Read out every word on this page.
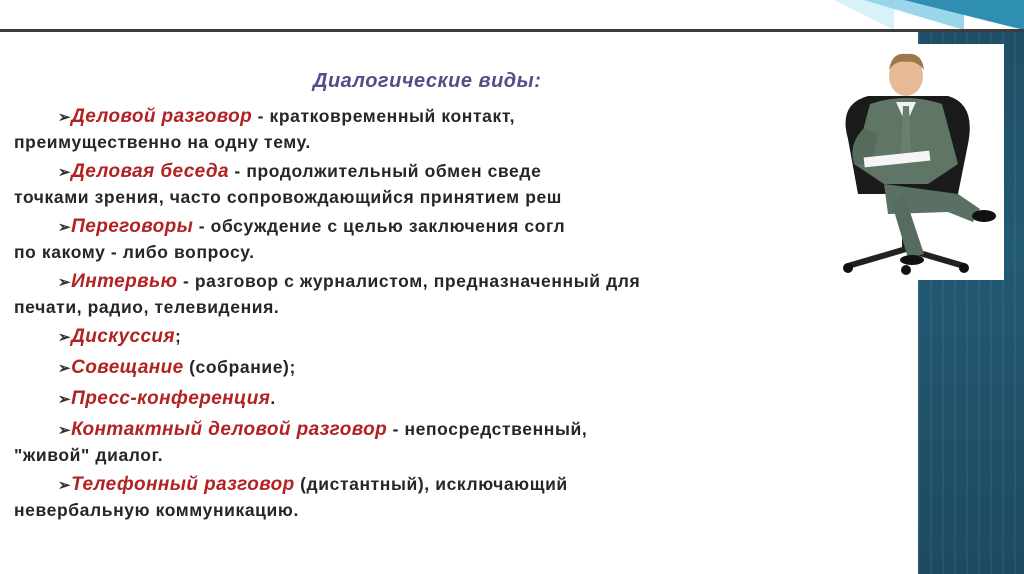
Диалогические виды:
➢Деловой разговор - кратковременный контакт,
преимущественно на одну тему.
➢Деловая беседа - продолжительный обмен сведе
точками зрения, часто сопровождающийся принятием реш
➢Переговоры - обсуждение с целью заключения согл
по какому - либо вопросу.
➢Интервью - разговор с журналистом, предназначенный для
печати, радио, телевидения.
➢Дискуссия;
➢Совещание (собрание);
➢Пресс-конференция.
➢Контактный деловой разговор - непосредственный,
"живой" диалог.
➢Телефонный разговор (дистантный), исключающий
невербальную коммуникацию.
